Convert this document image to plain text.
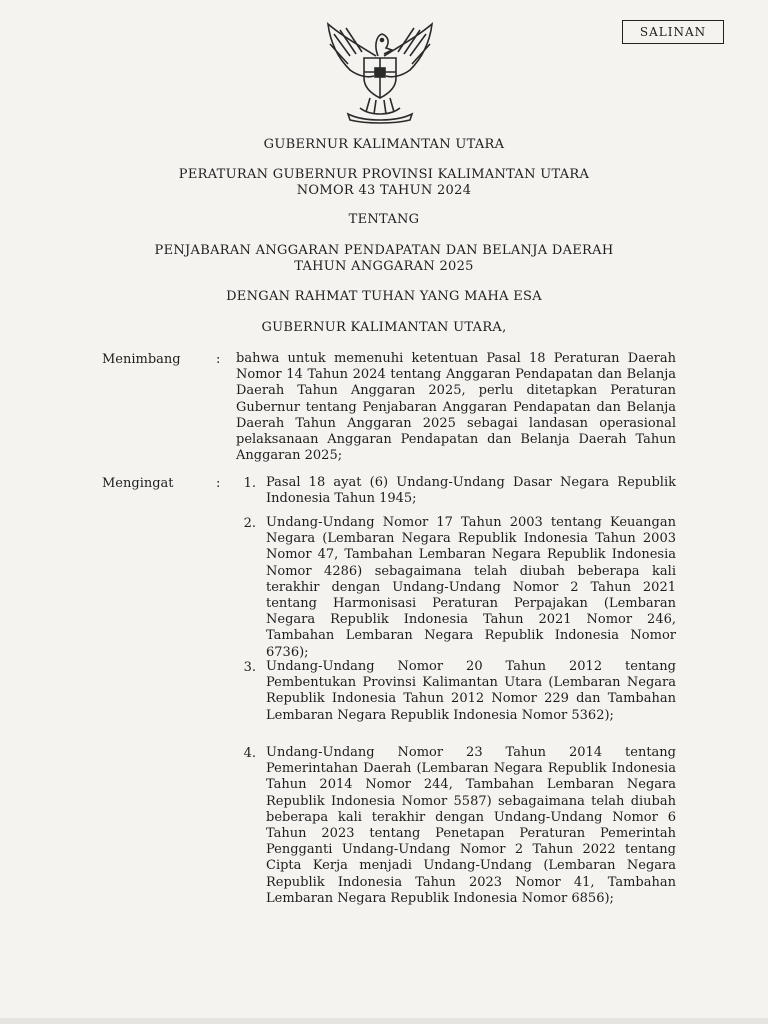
SALINAN
GUBERNUR KALIMANTAN UTARA
PERATURAN GUBERNUR PROVINSI KALIMANTAN UTARA
NOMOR 43 TAHUN 2024
TENTANG
PENJABARAN ANGGARAN PENDAPATAN DAN BELANJA DAERAH
TAHUN ANGGARAN 2025
DENGAN RAHMAT TUHAN YANG MAHA ESA
GUBERNUR KALIMANTAN UTARA,
Menimbang	: bahwa untuk memenuhi ketentuan Pasal 18 Peraturan Daerah Nomor 14 Tahun 2024 tentang Anggaran Pendapatan dan Belanja Daerah Tahun Anggaran 2025, perlu ditetapkan Peraturan Gubernur tentang Penjabaran Anggaran Pendapatan dan Belanja Daerah Tahun Anggaran 2025 sebagai landasan operasional pelaksanaan Anggaran Pendapatan dan Belanja Daerah Tahun Anggaran 2025;
Mengingat	:	1. Pasal 18 ayat (6) Undang-Undang Dasar Negara Republik Indonesia Tahun 1945;
2. Undang-Undang Nomor 17 Tahun 2003 tentang Keuangan Negara (Lembaran Negara Republik Indonesia Tahun 2003 Nomor 47, Tambahan Lembaran Negara Republik Indonesia Nomor 4286) sebagaimana telah diubah beberapa kali terakhir dengan Undang-Undang Nomor 2 Tahun 2021 tentang Harmonisasi Peraturan Perpajakan (Lembaran Negara Republik Indonesia Tahun 2021 Nomor 246, Tambahan Lembaran Negara Republik Indonesia Nomor 6736);
3. Undang-Undang Nomor 20 Tahun 2012 tentang Pembentukan Provinsi Kalimantan Utara (Lembaran Negara Republik Indonesia Tahun 2012 Nomor 229 dan Tambahan Lembaran Negara Republik Indonesia Nomor 5362);
4. Undang-Undang Nomor 23 Tahun 2014 tentang Pemerintahan Daerah (Lembaran Negara Republik Indonesia Tahun 2014 Nomor 244, Tambahan Lembaran Negara Republik Indonesia Nomor 5587) sebagaimana telah diubah beberapa kali terakhir dengan Undang-Undang Nomor 6 Tahun 2023 tentang Penetapan Peraturan Pemerintah Pengganti Undang-Undang Nomor 2 Tahun 2022 tentang Cipta Kerja menjadi Undang-Undang (Lembaran Negara Republik Indonesia Tahun 2023 Nomor 41, Tambahan Lembaran Negara Republik Indonesia Nomor 6856);
